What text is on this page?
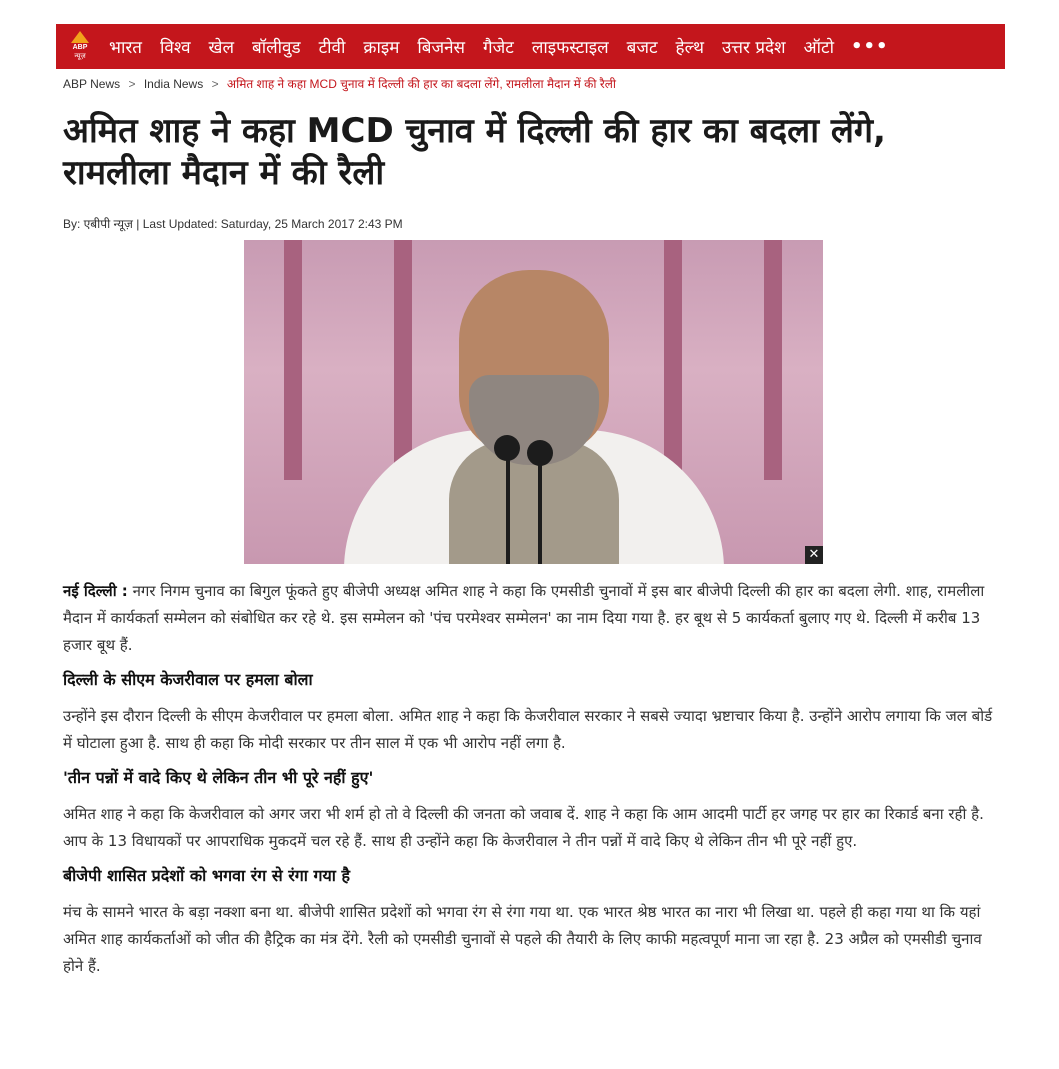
ABP
न्यूज़	भारत	विश्व	खेल	बॉलीवुड	टीवी	क्राइम	बिजनेस	गैजेट	लाइफस्टाइल	बजट	हेल्थ	उत्तर प्रदेश	ऑटो •••
ABP News > India News > अमित शाह ने कहा MCD चुनाव में दिल्ली की हार का बदला लेंगे, रामलीला मैदान में की रैली
अमित शाह ने कहा MCD चुनाव में दिल्ली की हार का बदला लेंगे, रामलीला मैदान में की रैली
By: एबीपी न्यूज़ | Last Updated: Saturday, 25 March 2017 2:43 PM
✕

नई दिल्ली : नगर निगम चुनाव का बिगुल फूंकते हुए बीजेपी अध्यक्ष अमित शाह ने कहा कि एमसीडी चुनावों में इस बार बीजेपी दिल्ली की हार का बदला लेगी. शाह, रामलीला मैदान में कार्यकर्ता सम्मेलन को संबोधित कर रहे थे. इस सम्मेलन को 'पंच परमेश्वर सम्मेलन' का नाम दिया गया है. हर बूथ से 5 कार्यकर्ता बुलाए गए थे. दिल्ली में करीब 13 हजार बूथ हैं.

दिल्ली के सीएम केजरीवाल पर हमला बोला

उन्होंने इस दौरान दिल्ली के सीएम केजरीवाल पर हमला बोला. अमित शाह ने कहा कि केजरीवाल सरकार ने सबसे ज्यादा भ्रष्टाचार किया है. उन्होंने आरोप लगाया कि जल बोर्ड में घोटाला हुआ है. साथ ही कहा कि मोदी सरकार पर तीन साल में एक भी आरोप नहीं लगा है.

'तीन पन्नों में वादे किए थे लेकिन तीन भी पूरे नहीं हुए'

अमित शाह ने कहा कि केजरीवाल को अगर जरा भी शर्म हो तो वे दिल्ली की जनता को जवाब दें. शाह ने कहा कि आम आदमी पार्टी हर जगह पर हार का रिकार्ड बना रही है. आप के 13 विधायकों पर आपराधिक मुकदमें चल रहे हैं. साथ ही उन्होंने कहा कि केजरीवाल ने तीन पन्नों में वादे किए थे लेकिन तीन भी पूरे नहीं हुए.

बीजेपी शासित प्रदेशों को भगवा रंग से रंगा गया है

मंच के सामने भारत के बड़ा नक्शा बना था. बीजेपी शासित प्रदेशों को भगवा रंग से रंगा गया था. एक भारत श्रेष्ठ भारत का नारा भी लिखा था. पहले ही कहा गया था कि यहां अमित शाह कार्यकर्ताओं को जीत की हैट्रिक का मंत्र देंगे. रैली को एमसीडी चुनावों से पहले की तैयारी के लिए काफी महत्वपूर्ण माना जा रहा है. 23 अप्रैल को एमसीडी चुनाव होने हैं.
